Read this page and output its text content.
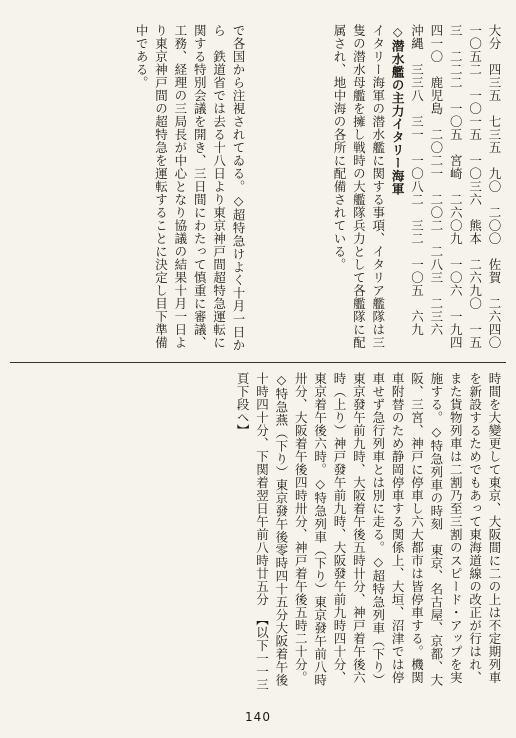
大分　四三五　七三五　九〇　二〇〇　佐賀　二六四〇　一〇五二　一〇一五　一〇三六　熊本　二六九〇　一五三　二二二　一〇五　宮崎　二六〇九　一〇六　一九四　四一〇　鹿児島　二〇二一　二〇二　二八三　二三六　沖縄　三三八　三一　一〇八二　三二　一〇五　六九

◇潜水艦の主力イタリー海軍

イタリー海軍の潜水艦に関する事項、イタリア艦隊は三隻の潜水母艦を擁し戦時の大艦隊兵力として各艦隊に配属され、地中海の各所に配備されている。

で各国から注視されてゐる。◇超特急けよく十月一日から　鉄道省では去る十八日より東京神戸間超特急運転に関する特別会議を開き、三日間にわたって慎重に審議、工務、経理の三局長が中心となり協議の結果十月一日より東京神戸間の超特急を運転することに決定し目下準備中である。

時間を大變更して東京、大阪間に二の上は不定期列車を新設するためでもあって東海道線の改正が行はれ、また貨物列車は二割乃至三割のスピード・アップを実施する。◇特急列車の時刻　東京、名古屋、京都、大阪、三宮、神戸に停車し六大都市は皆停車する。機関車附替のため静岡停車する関係上、大垣、沼津では停車せず急行列車とは別に走る。◇超特急列車（下り）東京發午前九時、大阪着午後五時卄分、神戸着午後六時（上り）神戸發午前九時、大阪發午前九時四十分、東京着午後六時。◇特急列車（下り）東京發午前八時卅分、大阪着午後四時卅分、神戸着午後五時二十分。◇特急燕（下り）東京發午後零時四十五分大阪着午後十時四十分、下関着翌日午前八時廿五分　【以下一一三頁下段へ】

140
